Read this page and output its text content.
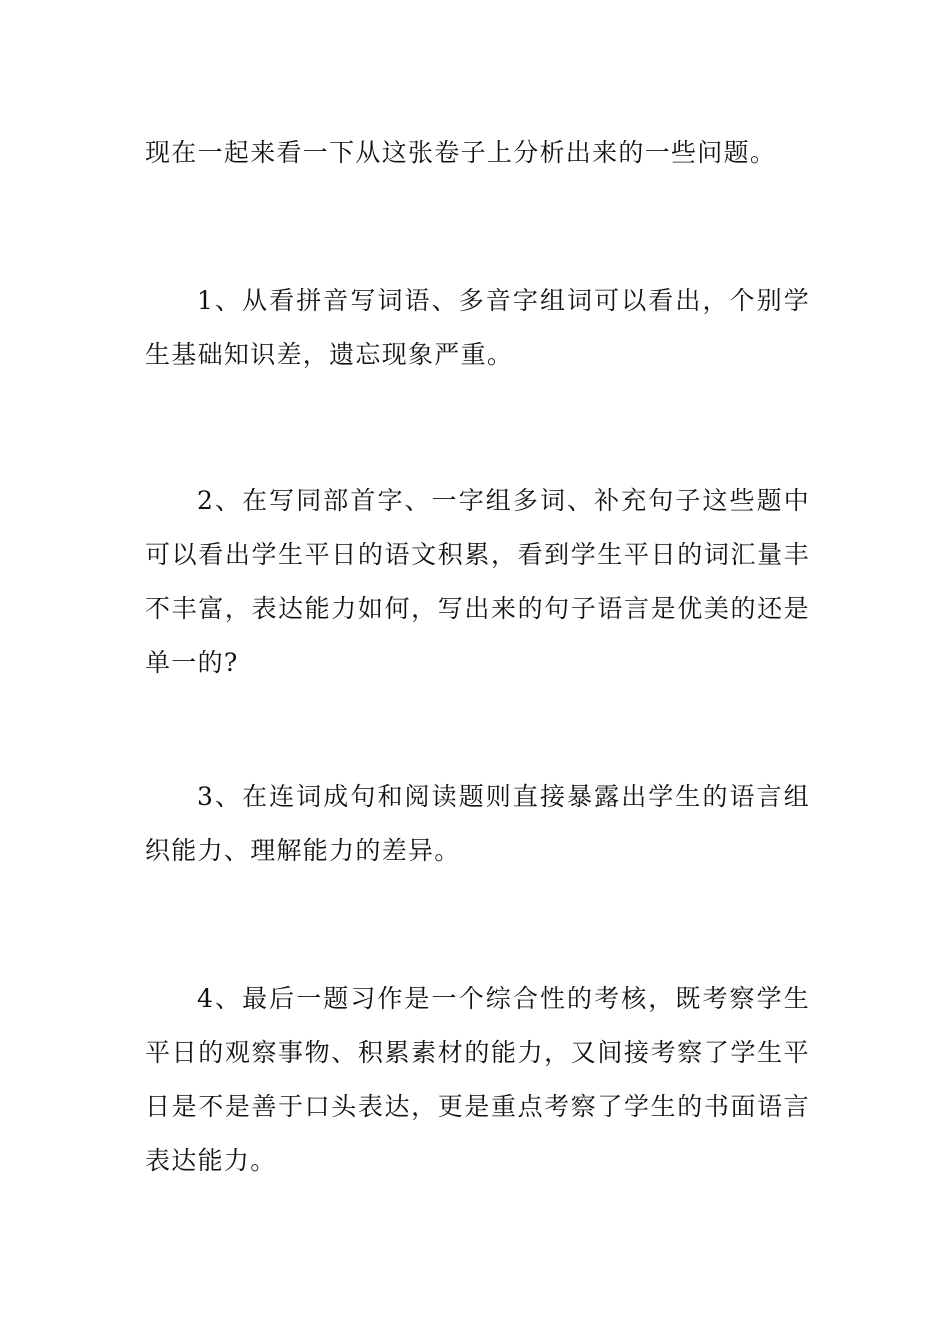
现在一起来看一下从这张卷子上分析出来的一些问题。

1、从看拼音写词语、多音字组词可以看出，个别学生基础知识差，遗忘现象严重。

2、在写同部首字、一字组多词、补充句子这些题中可以看出学生平日的语文积累，看到学生平日的词汇量丰不丰富，表达能力如何，写出来的句子语言是优美的还是单一的?

3、在连词成句和阅读题则直接暴露出学生的语言组织能力、理解能力的差异。

4、最后一题习作是一个综合性的考核，既考察学生平日的观察事物、积累素材的能力，又间接考察了学生平日是不是善于口头表达，更是重点考察了学生的书面语言表达能力。
